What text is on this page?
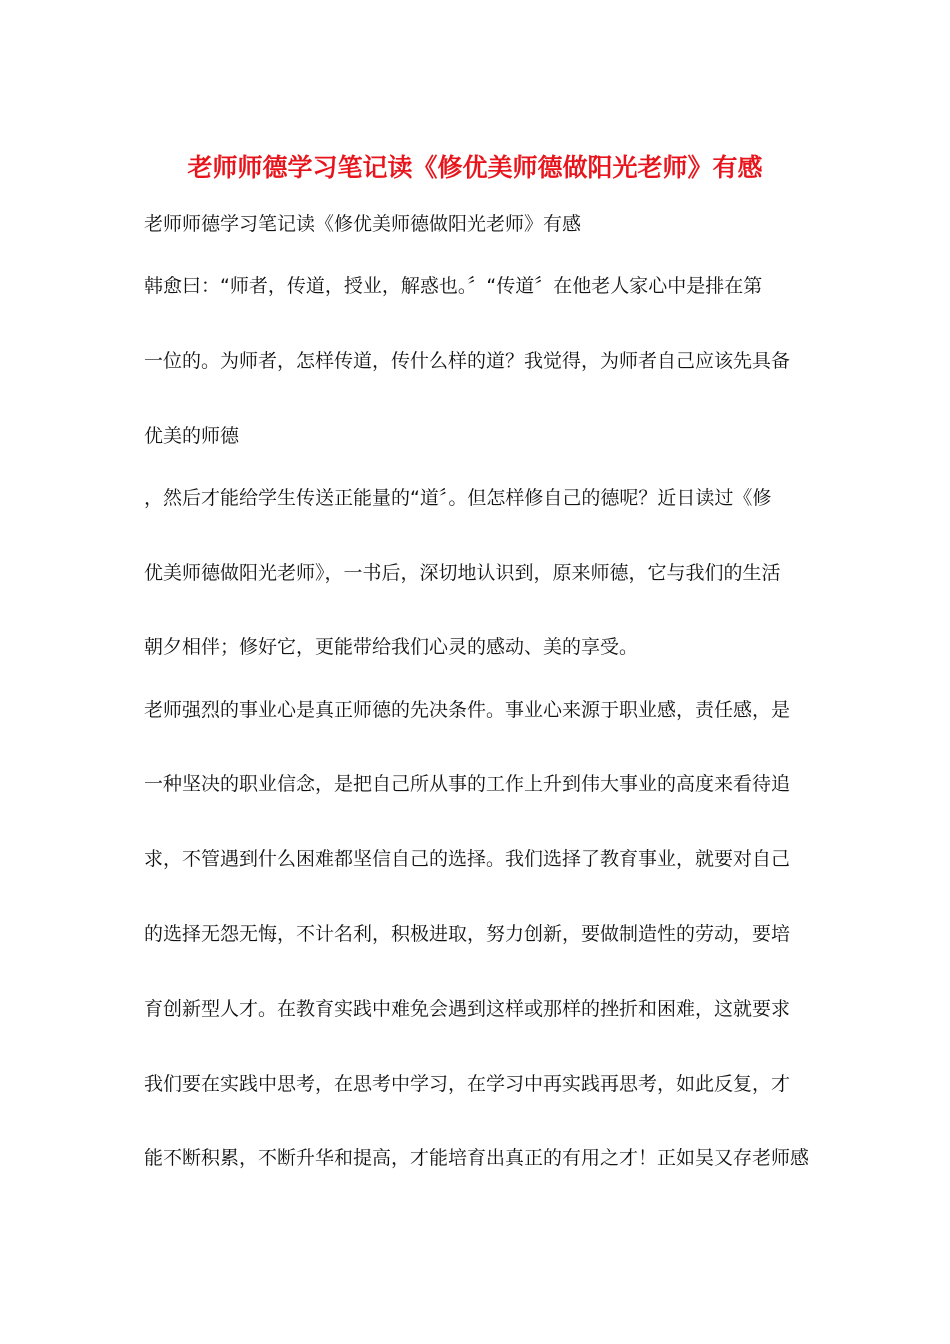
老师师德学习笔记读《修优美师德做阳光老师》有感
老师师德学习笔记读《修优美师德做阳光老师》有感
韩愈曰：“师者，传道，授业，解惑也。〞“传道〞在他老人家心中是排在第
一位的。为师者，怎样传道，传什么样的道？我觉得，为师者自己应该先具备
优美的师德
，然后才能给学生传送正能量的“道〞。但怎样修自己的德呢？近日读过《修
优美师德做阳光老师》，一书后，深切地认识到，原来师德，它与我们的生活
朝夕相伴；修好它，更能带给我们心灵的感动、美的享受。
老师强烈的事业心是真正师德的先决条件。事业心来源于职业感，责任感，是
一种坚决的职业信念，是把自己所从事的工作上升到伟大事业的高度来看待追
求，不管遇到什么困难都坚信自己的选择。我们选择了教育事业，就要对自己
的选择无怨无悔，不计名利，积极进取，努力创新，要做制造性的劳动，要培
育创新型人才。在教育实践中难免会遇到这样或那样的挫折和困难，这就要求
我们要在实践中思考，在思考中学习，在学习中再实践再思考，如此反复，才
能不断积累，不断升华和提高，才能培育出真正的有用之才！正如吴又存老师感
